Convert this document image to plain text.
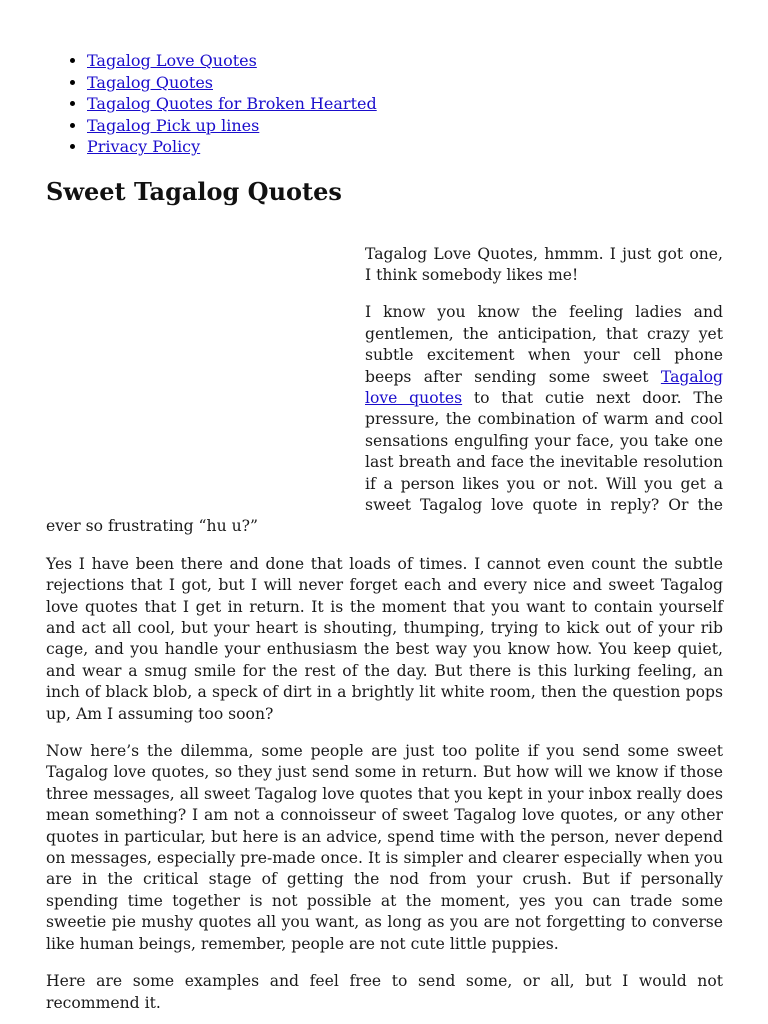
• Tagalog Love Quotes
• Tagalog Quotes
• Tagalog Quotes for Broken Hearted
• Tagalog Pick up lines
• Privacy Policy
Sweet Tagalog Quotes

Tagalog Love Quotes, hmmm. I just got one, I think somebody likes me!

I know you know the feeling ladies and gentlemen, the anticipation, that crazy yet subtle excitement when your cell phone beeps after sending some sweet Tagalog love quotes to that cutie next door. The pressure, the combination of warm and cool sensations engulfing your face, you take one last breath and face the inevitable resolution if a person likes you or not. Will you get a sweet Tagalog love quote in reply? Or the ever so frustrating “hu u?”

Yes I have been there and done that loads of times. I cannot even count the subtle rejections that I got, but I will never forget each and every nice and sweet Tagalog love quotes that I get in return. It is the moment that you want to contain yourself and act all cool, but your heart is shouting, thumping, trying to kick out of your rib cage, and you handle your enthusiasm the best way you know how. You keep quiet, and wear a smug smile for the rest of the day. But there is this lurking feeling, an inch of black blob, a speck of dirt in a brightly lit white room, then the question pops up, Am I assuming too soon?

Now here’s the dilemma, some people are just too polite if you send some sweet Tagalog love quotes, so they just send some in return. But how will we know if those three messages, all sweet Tagalog love quotes that you kept in your inbox really does mean something? I am not a connoisseur of sweet Tagalog love quotes, or any other quotes in particular, but here is an advice, spend time with the person, never depend on messages, especially pre-made once. It is simpler and clearer especially when you are in the critical stage of getting the nod from your crush. But if personally spending time together is not possible at the moment, yes you can trade some sweetie pie mushy quotes all you want, as long as you are not forgetting to converse like human beings, remember, people are not cute little puppies.

Here are some examples and feel free to send some, or all, but I would not recommend it.
